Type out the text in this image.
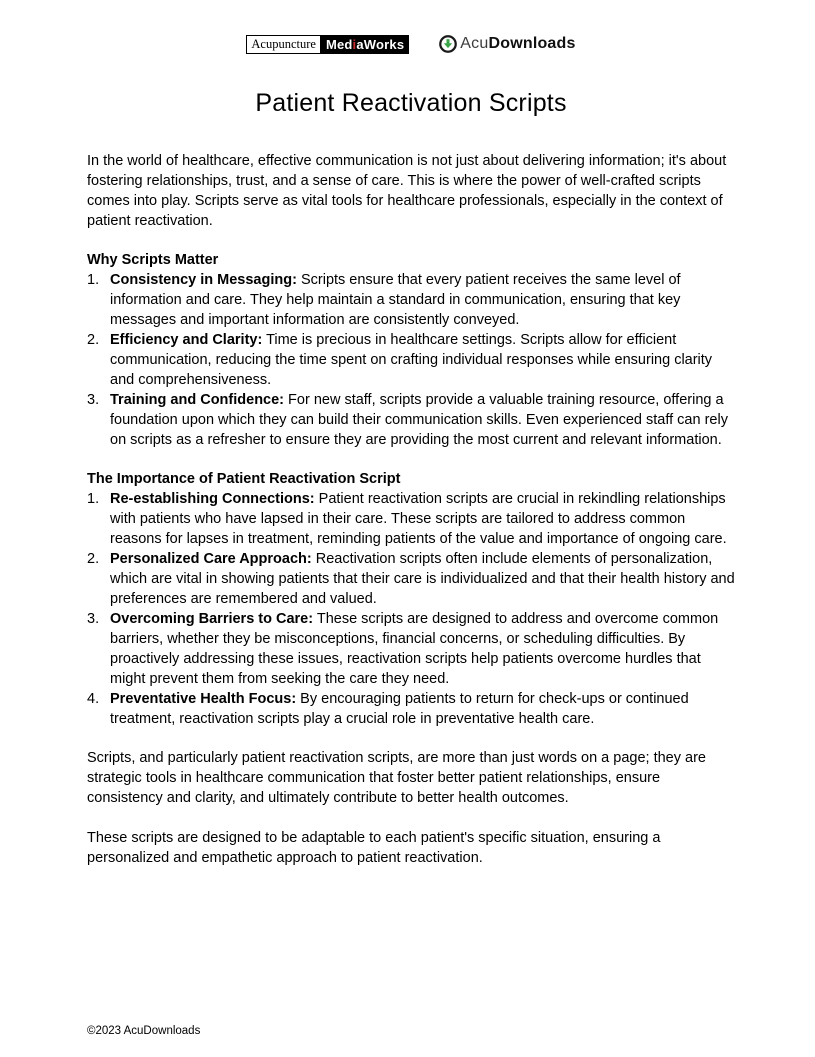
Acupuncture Med i aWorks	AcuDownloads
Patient Reactivation Scripts

In the world of healthcare, effective communication is not just about delivering information; it's about fostering relationships, trust, and a sense of care. This is where the power of well-crafted scripts comes into play. Scripts serve as vital tools for healthcare professionals, especially in the context of patient reactivation.

Why Scripts Matter
1. Consistency in Messaging: Scripts ensure that every patient receives the same level of information and care. They help maintain a standard in communication, ensuring that key messages and important information are consistently conveyed.
2. Efficiency and Clarity: Time is precious in healthcare settings. Scripts allow for efficient communication, reducing the time spent on crafting individual responses while ensuring clarity and comprehensiveness.
3. Training and Confidence: For new staff, scripts provide a valuable training resource, offering a foundation upon which they can build their communication skills. Even experienced staff can rely on scripts as a refresher to ensure they are providing the most current and relevant information.
The Importance of Patient Reactivation Script
1. Re-establishing Connections: Patient reactivation scripts are crucial in rekindling relationships with patients who have lapsed in their care. These scripts are tailored to address common reasons for lapses in treatment, reminding patients of the value and importance of ongoing care.
2. Personalized Care Approach: Reactivation scripts often include elements of personalization, which are vital in showing patients that their care is individualized and that their health history and preferences are remembered and valued.
3. Overcoming Barriers to Care: These scripts are designed to address and overcome common barriers, whether they be misconceptions, financial concerns, or scheduling difficulties. By proactively addressing these issues, reactivation scripts help patients overcome hurdles that might prevent them from seeking the care they need.
4. Preventative Health Focus: By encouraging patients to return for check-ups or continued treatment, reactivation scripts play a crucial role in preventative health care.

Scripts, and particularly patient reactivation scripts, are more than just words on a page; they are strategic tools in healthcare communication that foster better patient relationships, ensure consistency and clarity, and ultimately contribute to better health outcomes.

These scripts are designed to be adaptable to each patient's specific situation, ensuring a personalized and empathetic approach to patient reactivation.

©2023 AcuDownloads
